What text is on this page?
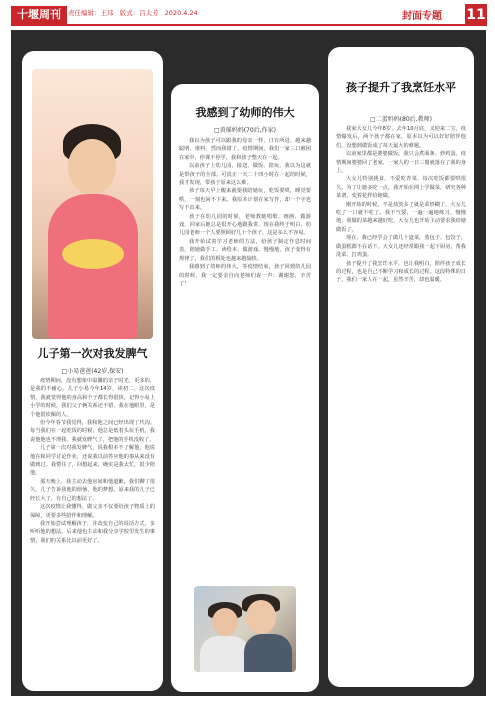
十堰周刊	责任编辑：王玮 版式：吕太芳 2020.4.24	封面专题 11
儿子第一次对我发脾气
□小易爸爸(42岁,保安)

疫情期间，没有想象中温馨的亲子时光，更多的，是我的不耐心。儿子小易今年14岁，读初二，这次疫情，我就觉得他的身高和个子都长得很快，记得小易上小学的时候，我们父子俩关系还不错，我在他眼里，是个他很钦佩的人。

但今年春节我觉得，我和他之间已经出现了代沟。每当我们在一起吃饭的时候，他总是低着头玩手机，我说他他也不理我。我就发脾气了，把他的手机没收了。

儿子第一次对我发脾气，说我根本不了解他，他说他在和同学讨论作业，还说我以前答应他的事从来没有做到过。我愣住了，回想起来，确实是我太忙，很少陪他。

那天晚上，我主动去他房间和他道歉，我们聊了很久。儿子告诉我他的烦恼、他的梦想。原来我的儿子已经长大了，有自己的想法了。

这次疫情让我懂得，做父亲不仅要给孩子物质上的保障，更要多些陪伴和理解。

我开始尝试理解孩子，并改变自己的说话方式，多听听他的想法。后来他也主动和我分享学校里发生的事情，我们的关系比以前更好了。

我感到了幼师的伟大
□黄瑶妈妈(70后,作家)

我以为孩子可以跟我的母亲一样，日有所进、越来越聪明，谁料，然而我错了。疫情期间，我们一家三口被困在家中，停课不停学，我和孩子整天在一起。

以前孩子上幼儿园，接送、做饭、陪玩，我以为这就是带孩子的全部。可真正一天二十四小时在一起的时候，我才发现，带孩子原来这么难。

孩子每天早上醒来就要我陪她玩，吃饭要哄，睡觉要哄，一刻也闲不下来。我原本计划在家写作，却一个字也写不出来。

孩子在幼儿园的时候，老师教她唱歌、画画、做游戏，回家后她总是很开心地跟我讲。现在我终于明白，幼儿园老师一个人要照顾好几十个孩子，这是多么不容易。

我开始试着学习老师的方法，给孩子制定作息时间表，陪她做手工、读绘本、做游戏。慢慢地，孩子变得有规律了，我们的相处也越来越愉快。

我感到了幼师的伟大。等疫情结束，孩子回到幼儿园的时候，我一定要亲自向老师们说一声：谢谢您，辛苦了！

孩子提升了我烹饪水平
□二蛋妈妈(80后,教师)

我家大女儿今年8岁，去年10月底，又迎来二宝，疫情爆发后，两个孩子都在家，原本以为可以好好陪伴他们，没想到做饭成了每天最大的难题。

以前家里都是婆婆做饭，我只会煮面条、炒鸡蛋。疫情期间婆婆回了老家，一家人的一日三餐就落在了我的身上。

大女儿特别挑食，不爱吃青菜，每次吃饭都要哄很久。为了让她多吃一点，我开始在网上学做菜，研究各种菜谱，变着花样给她做。

刚开始的时候，不是盐放多了就是菜炒糊了，大女儿吃了一口就不吃了。我不气馁，一遍一遍地练习。慢慢地，我做的菜越来越好吃，大女儿也开始主动要求我给她做饭了。

现在，我已经学会了做几十道菜，蒸包子、包饺子、做蛋糕都不在话下。大女儿还经常跟我一起下厨房，帮我洗菜、打鸡蛋。

孩子提升了我烹饪水平，也让我明白，陪伴孩子成长的过程，也是自己不断学习和成长的过程。这段特殊的日子，我们一家人在一起，虽然辛苦，却也温暖。
